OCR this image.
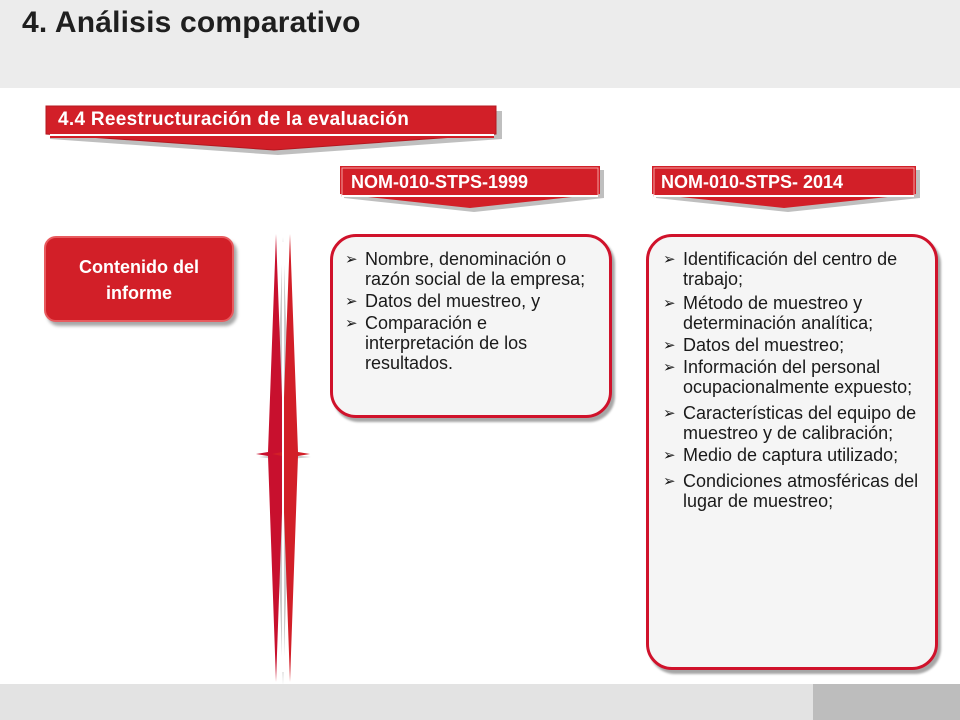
4. Análisis comparativo
4.4 Reestructuración de la evaluación
NOM-010-STPS-1999	NOM-010-STPS- 2014
Contenido del informe
➢ Nombre, denominación o razón social de la empresa;
➢ Datos del muestreo, y
➢ Comparación e interpretación de los resultados.
➢ Identificación del centro de trabajo;
➢ Método de muestreo y determinación analítica;
➢ Datos del muestreo;
➢ Información del personal ocupacionalmente expuesto;
➢ Características del equipo de muestreo y de calibración;
➢ Medio de captura utilizado;
➢ Condiciones atmosféricas del lugar de muestreo;
